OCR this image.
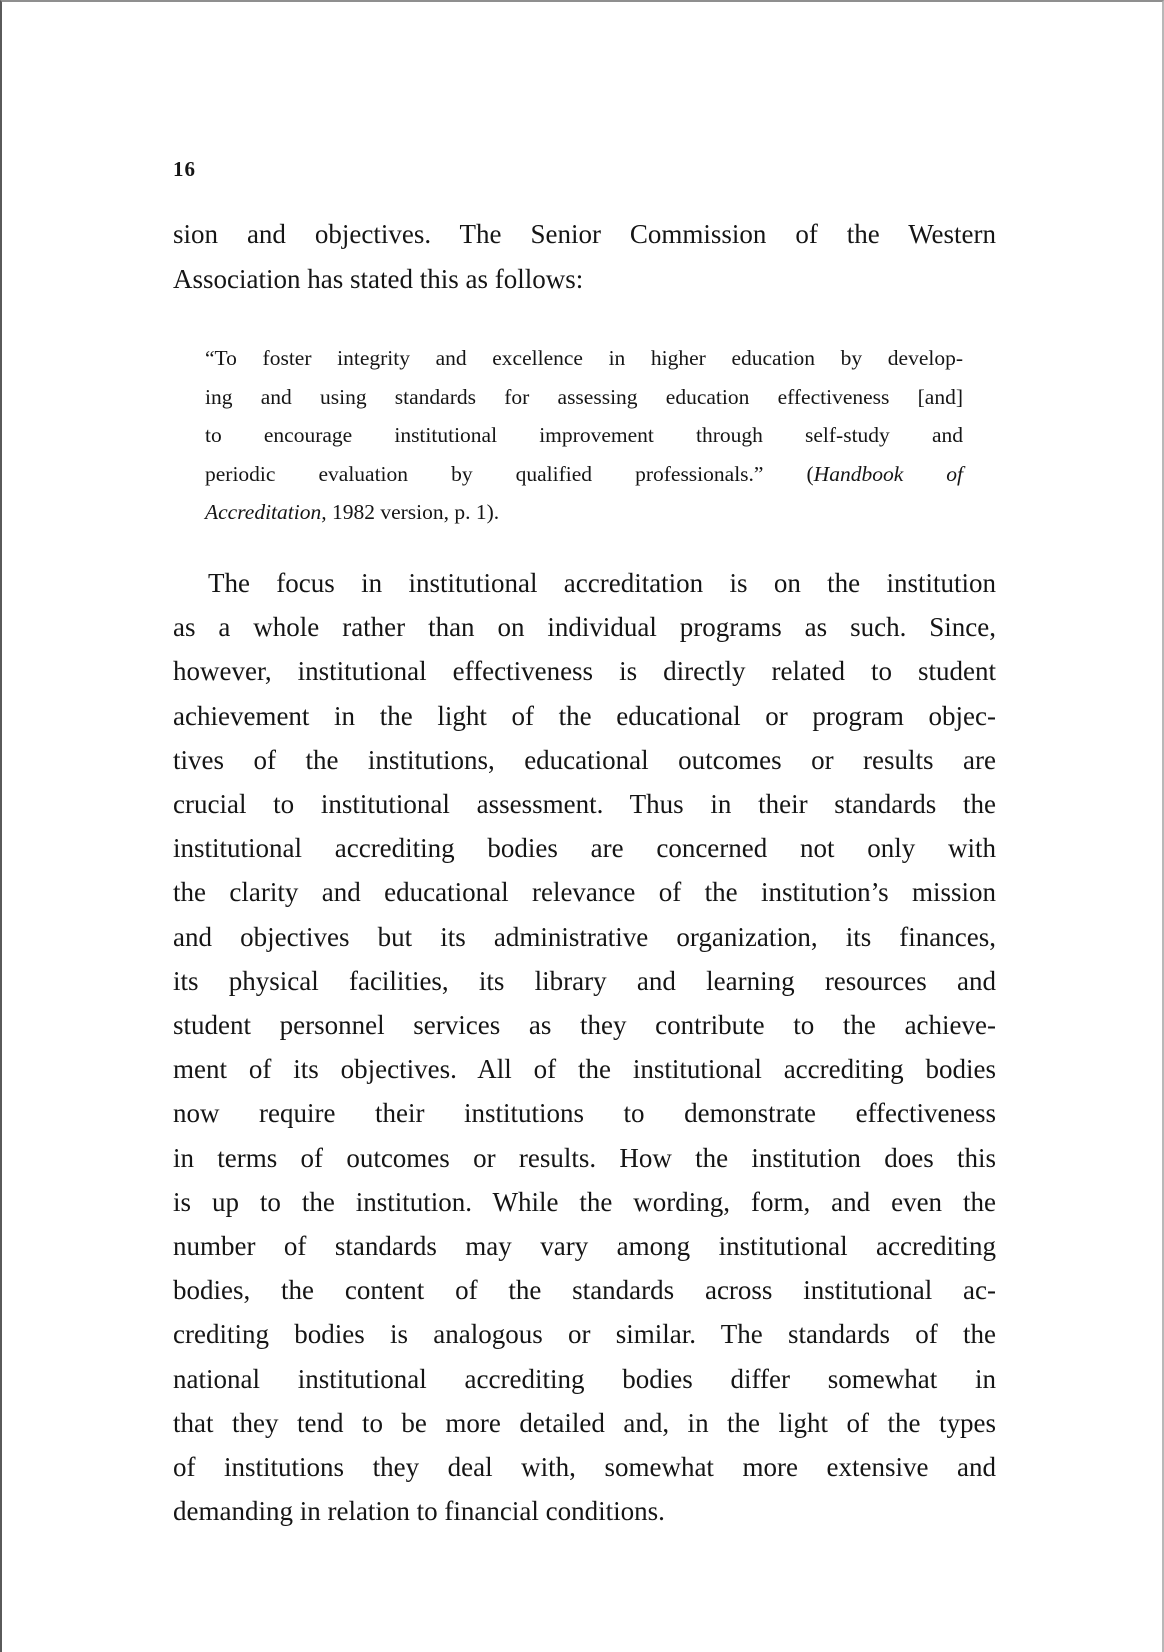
16
sion and objectives. The Senior Commission of the Western
Association has stated this as follows:
“To foster integrity and excellence in higher education by develop-
ing and using standards for assessing education effectiveness [and]
to encourage institutional improvement through self-study and
periodic evaluation by qualified professionals.” (Handbook of
Accreditation, 1982 version, p. 1).
The focus in institutional accreditation is on the institution
as a whole rather than on individual programs as such. Since,
however, institutional effectiveness is directly related to student
achievement in the light of the educational or program objec-
tives of the institutions, educational outcomes or results are
crucial to institutional assessment. Thus in their standards the
institutional accrediting bodies are concerned not only with
the clarity and educational relevance of the institution’s mission
and objectives but its administrative organization, its finances,
its physical facilities, its library and learning resources and
student personnel services as they contribute to the achieve-
ment of its objectives. All of the institutional accrediting bodies
now require their institutions to demonstrate effectiveness
in terms of outcomes or results. How the institution does this
is up to the institution. While the wording, form, and even the
number of standards may vary among institutional accrediting
bodies, the content of the standards across institutional ac-
crediting bodies is analogous or similar. The standards of the
national institutional accrediting bodies differ somewhat in
that they tend to be more detailed and, in the light of the types
of institutions they deal with, somewhat more extensive and
demanding in relation to financial conditions.
